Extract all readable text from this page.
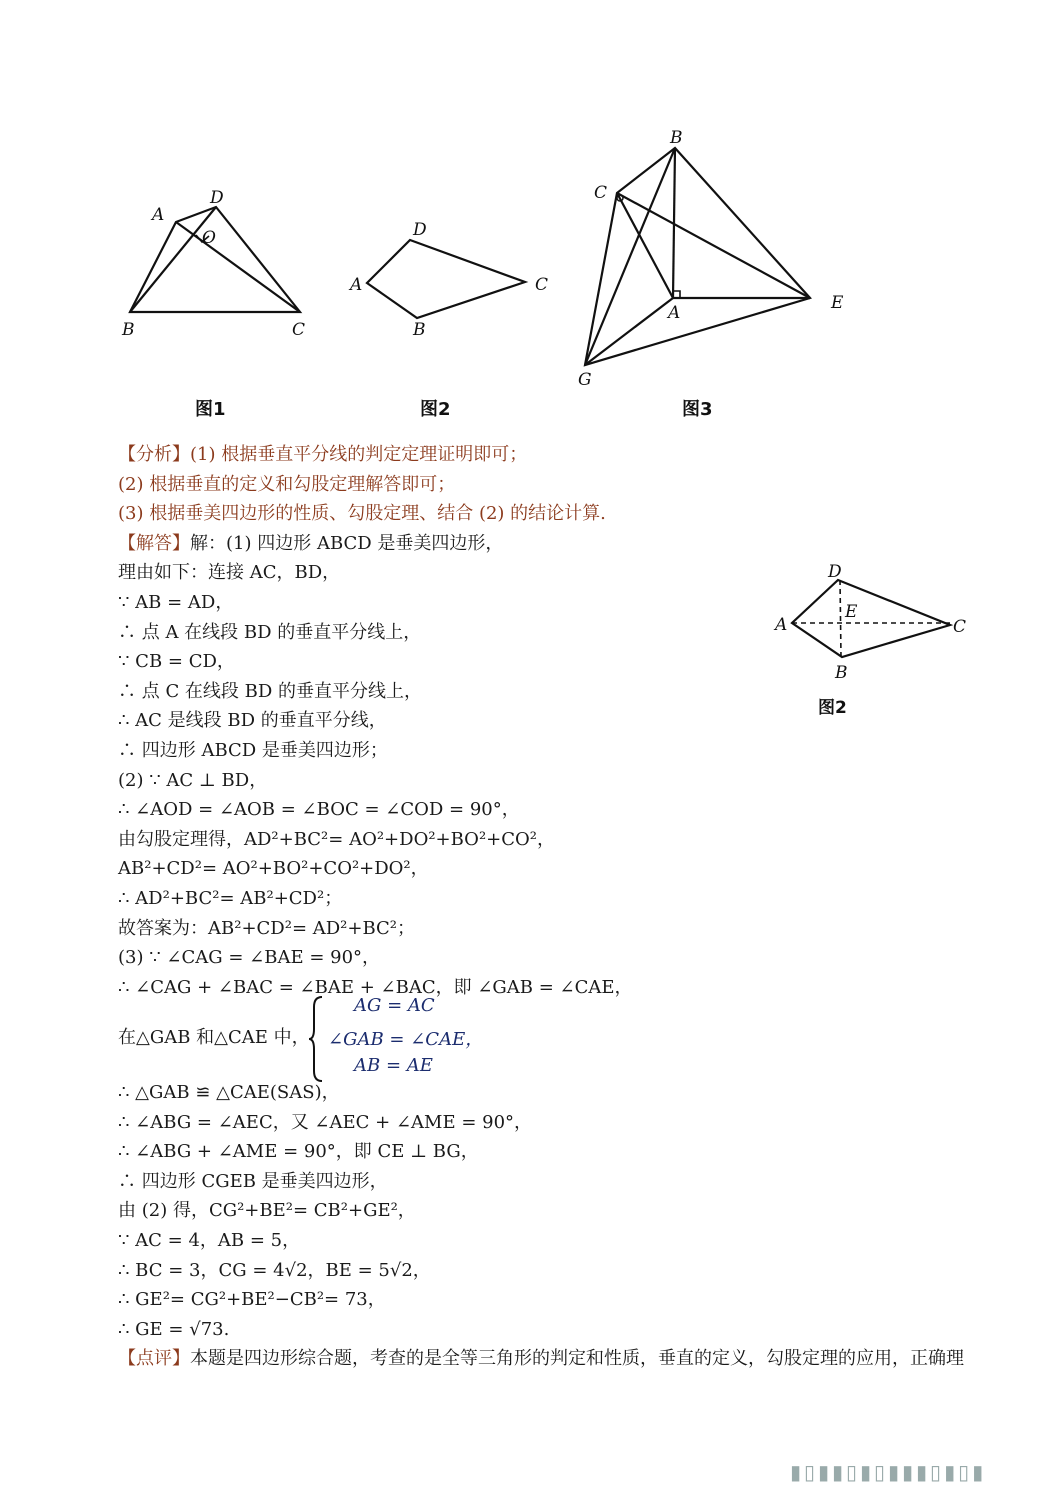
A
D
O
B	C
图1
D
A	C
B
图2
B
C
A	E
G
图3
D
E
A	C
B
图2
【分析】(1) 根据垂直平分线的判定定理证明即可；
(2) 根据垂直的定义和勾股定理解答即可；
(3) 根据垂美四边形的性质、勾股定理、结合 (2) 的结论计算.
【解答】解：(1) 四边形 ABCD 是垂美四边形，
理由如下：连接 AC，BD，
∵ AB = AD，
∴ 点 A 在线段 BD 的垂直平分线上，
∵ CB = CD，
∴ 点 C 在线段 BD 的垂直平分线上，
∴ AC 是线段 BD 的垂直平分线，
∴ 四边形 ABCD 是垂美四边形；
(2) ∵ AC ⊥ BD，
∴ ∠AOD = ∠AOB = ∠BOC = ∠COD = 90°，
由勾股定理得，AD²+BC²= AO²+DO²+BO²+CO²，
AB²+CD²= AO²+BO²+CO²+DO²，
∴ AD²+BC²= AB²+CD²；
故答案为：AB²+CD²= AD²+BC²；
(3) ∵ ∠CAG = ∠BAE = 90°，
∴ ∠CAG + ∠BAC = ∠BAE + ∠BAC，即 ∠GAB = ∠CAE，
在△GAB 和△CAE 中，
AG = AC
∠GAB = ∠CAE，
AB = AE
∴ △GAB ≌ △CAE(SAS)，
∴ ∠ABG = ∠AEC，又 ∠AEC + ∠AME = 90°，
∴ ∠ABG + ∠AME = 90°，即 CE ⊥ BG，
∴ 四边形 CGEB 是垂美四边形，
由 (2) 得，CG²+BE²= CB²+GE²，
∵ AC = 4，AB = 5，
∴ BC = 3，CG = 4√2，BE = 5√2，
∴ GE²= CG²+BE²−CB²= 73，
∴ GE = √73.
【点评】本题是四边形综合题，考查的是全等三角形的判定和性质，垂直的定义，勾股定理的应用，正确理
▮▯▮▮▯▮▯▮▮▮▯▮▯▮
